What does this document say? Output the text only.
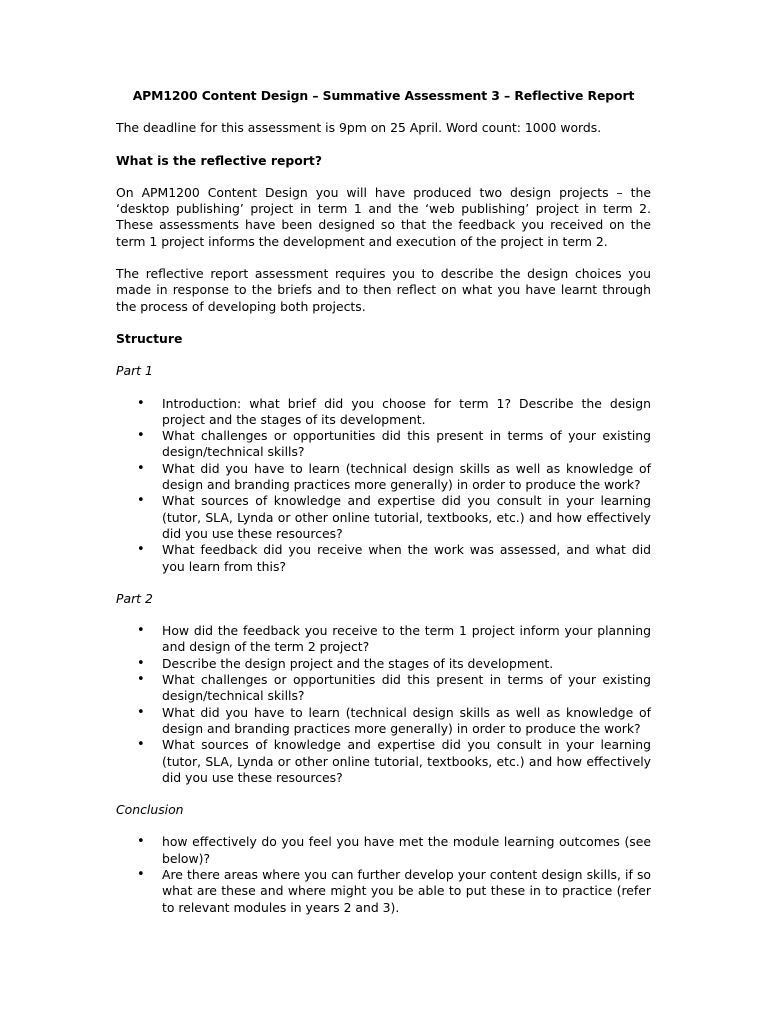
APM1200 Content Design – Summative Assessment 3 – Reflective Report

The deadline for this assessment is 9pm on 25 April. Word count: 1000 words.

What is the reflective report?

On APM1200 Content Design you will have produced two design projects – the ‘desktop publishing’ project in term 1 and the ‘web publishing’ project in term 2. These assessments have been designed so that the feedback you received on the term 1 project informs the development and execution of the project in term 2.

The reflective report assessment requires you to describe the design choices you made in response to the briefs and to then reflect on what you have learnt through the process of developing both projects.

Structure
Part 1
• Introduction: what brief did you choose for term 1? Describe the design project and the stages of its development.
• What challenges or opportunities did this present in terms of your existing design/technical skills?
• What did you have to learn (technical design skills as well as knowledge of design and branding practices more generally) in order to produce the work?
• What sources of knowledge and expertise did you consult in your learning (tutor, SLA, Lynda or other online tutorial, textbooks, etc.) and how effectively did you use these resources?
• What feedback did you receive when the work was assessed, and what did you learn from this?
Part 2
• How did the feedback you receive to the term 1 project inform your planning and design of the term 2 project?
• Describe the design project and the stages of its development.
• What challenges or opportunities did this present in terms of your existing design/technical skills?
• What did you have to learn (technical design skills as well as knowledge of design and branding practices more generally) in order to produce the work?
• What sources of knowledge and expertise did you consult in your learning (tutor, SLA, Lynda or other online tutorial, textbooks, etc.) and how effectively did you use these resources?
Conclusion
• how effectively do you feel you have met the module learning outcomes (see below)?
• Are there areas where you can further develop your content design skills, if so what are these and where might you be able to put these in to practice (refer to relevant modules in years 2 and 3).
